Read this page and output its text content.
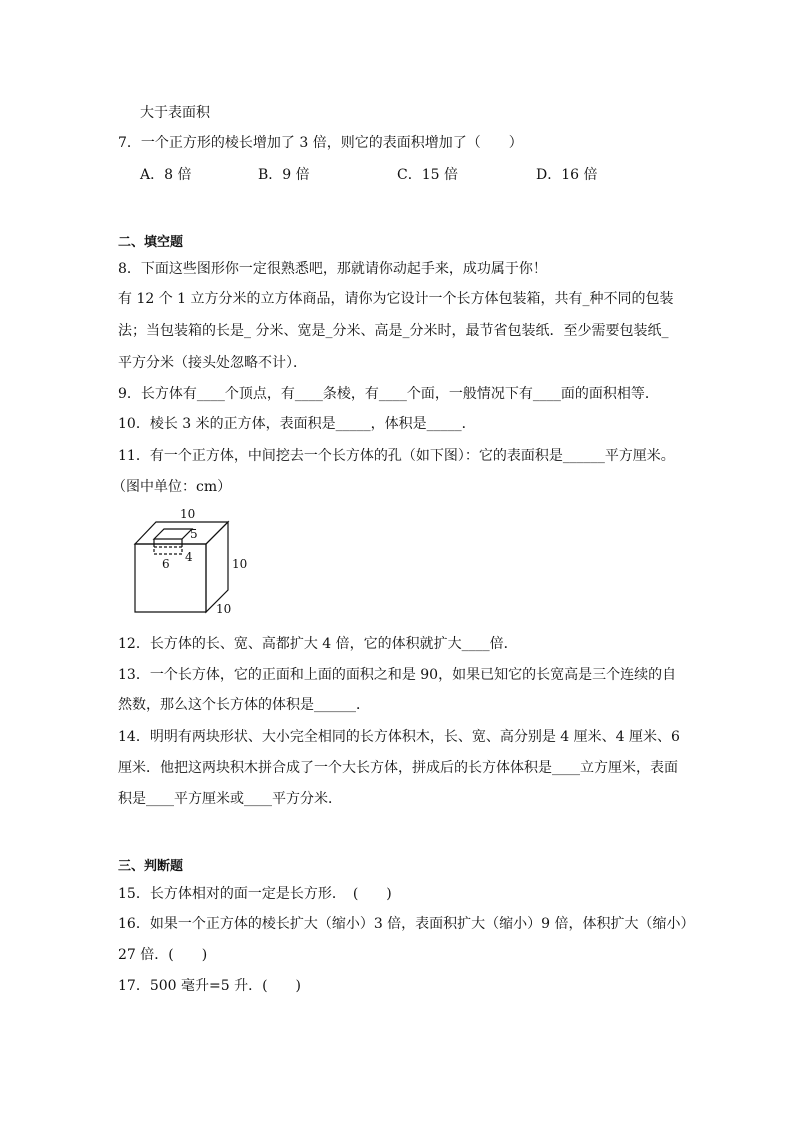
大于表面积
7．一个正方形的棱长增加了 3 倍，则它的表面积增加了（　　）
A．8 倍	B．9 倍	C．15 倍	D．16 倍
二、填空题
8．下面这些图形你一定很熟悉吧，那就请你动起手来，成功属于你！
有 12 个 1 立方分米的立方体商品，请你为它设计一个长方体包装箱，共有_种不同的包装
法；当包装箱的长是_ 分米、宽是_分米、高是_分米时，最节省包装纸．至少需要包装纸_
平方分米（接头处忽略不计）．
9．长方体有____个顶点，有____条棱，有____个面，一般情况下有____面的面积相等．
10．棱长 3 米的正方体，表面积是_____，体积是_____．
11．有一个正方体，中间挖去一个长方体的孔（如下图）：它的表面积是______平方厘米。
（图中单位：cm）
10
10
10
5
4
6
12．长方体的长、宽、高都扩大 4 倍，它的体积就扩大____倍．
13．一个长方体，它的正面和上面的面积之和是 90，如果已知它的长宽高是三个连续的自
然数，那么这个长方体的体积是______．
14．明明有两块形状、大小完全相同的长方体积木，长、宽、高分别是 4 厘米、4 厘米、6
厘米．他把这两块积木拼合成了一个大长方体，拼成后的长方体体积是____立方厘米，表面
积是____平方厘米或____平方分米．
三、判断题
15．长方体相对的面一定是长方形．　(　　)
16．如果一个正方体的棱长扩大（缩小）3 倍，表面积扩大（缩小）9 倍，体积扩大（缩小）
27 倍．(　　)
17．500 毫升=5 升．(　　)
